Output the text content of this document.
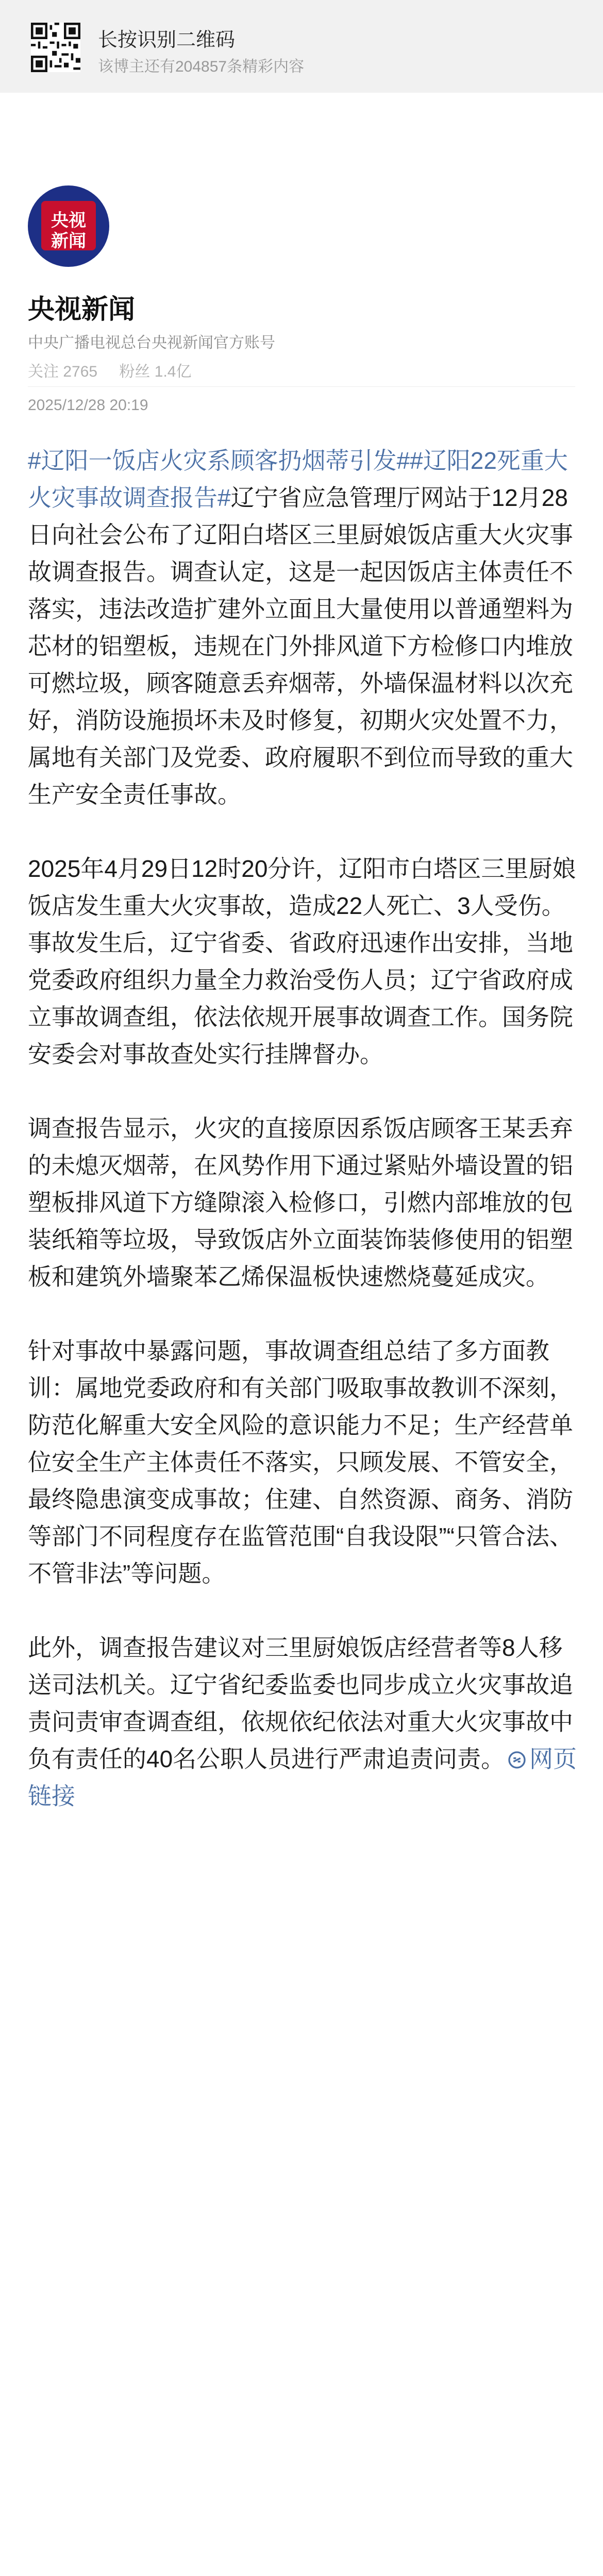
长按识别二维码
该博主还有204857条精彩内容
央视
新闻
央视新闻
中央广播电视总台央视新闻官方账号
关注 2765 粉丝 1.4亿
2025/12/28 20:19

#辽阳一饭店火灾系顾客扔烟蒂引发##辽阳22死重大火灾事故调查报告#辽宁省应急管理厅网站于12月28日向社会公布了辽阳白塔区三里厨娘饭店重大火灾事故调查报告。调查认定，这是一起因饭店主体责任不落实，违法改造扩建外立面且大量使用以普通塑料为芯材的铝塑板，违规在门外排风道下方检修口内堆放可燃垃圾，顾客随意丢弃烟蒂，外墙保温材料以次充好，消防设施损坏未及时修复，初期火灾处置不力，属地有关部门及党委、政府履职不到位而导致的重大生产安全责任事故。

2025年4月29日12时20分许，辽阳市白塔区三里厨娘饭店发生重大火灾事故，造成22人死亡、3人受伤。事故发生后，辽宁省委、省政府迅速作出安排，当地党委政府组织力量全力救治受伤人员；辽宁省政府成立事故调查组，依法依规开展事故调查工作。国务院安委会对事故查处实行挂牌督办。

调查报告显示，火灾的直接原因系饭店顾客王某丢弃的未熄灭烟蒂，在风势作用下通过紧贴外墙设置的铝塑板排风道下方缝隙滚入检修口，引燃内部堆放的包装纸箱等垃圾，导致饭店外立面装饰装修使用的铝塑板和建筑外墙聚苯乙烯保温板快速燃烧蔓延成灾。

针对事故中暴露问题，事故调查组总结了多方面教训：属地党委政府和有关部门吸取事故教训不深刻，防范化解重大安全风险的意识能力不足；生产经营单位安全生产主体责任不落实，只顾发展、不管安全，最终隐患演变成事故；住建、自然资源、商务、消防等部门不同程度存在监管范围“自我设限”“只管合法、不管非法”等问题。

此外，调查报告建议对三里厨娘饭店经营者等8人移送司法机关。辽宁省纪委监委也同步成立火灾事故追责问责审查调查组，依规依纪依法对重大火灾事故中负有责任的40名公职人员进行严肃追责问责。 网页链接
